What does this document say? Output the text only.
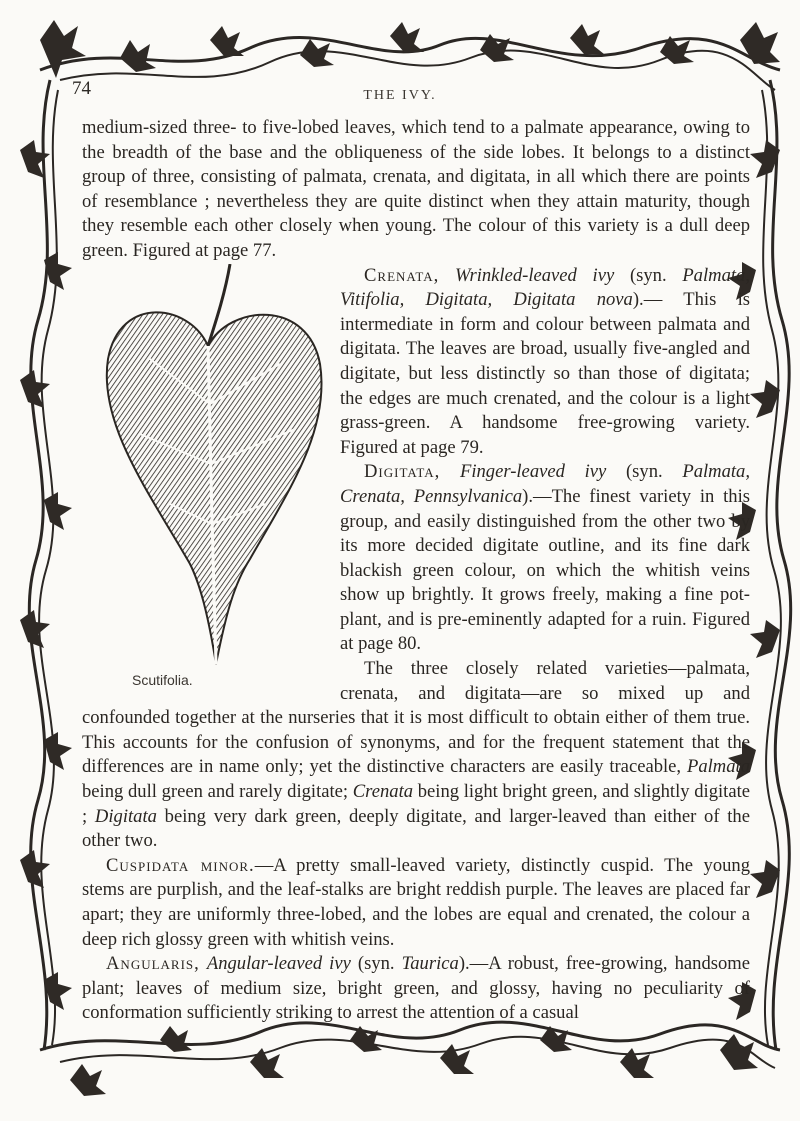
74	THE IVY.

medium-sized three- to five-lobed leaves, which tend to a palmate appearance, owing to the breadth of the base and the obliqueness of the side lobes. It belongs to a distinct group of three, consisting of palmata, crenata, and digitata, in all which there are points of resemblance ; nevertheless they are quite distinct when they attain maturity, though they resemble each other closely when young. The colour of this variety is a dull deep green. Figured at page 77.

Scutifolia.

Crenata, Wrinkled-leaved ivy (syn. Palmata, Vitifolia, Digitata, Digitata nova).— This is intermediate in form and colour between palmata and digitata. The leaves are broad, usually five-angled and digitate, but less distinctly so than those of digitata; the edges are much crenated, and the colour is a light grass-green. A handsome free-growing variety. Figured at page 79.

Digitata, Finger-leaved ivy (syn. Palmata, Crenata, Pennsylvanica).—The finest variety in this group, and easily distinguished from the other two by its more decided digitate outline, and its fine dark blackish green colour, on which the whitish veins show up brightly. It grows freely, making a fine pot-plant, and is pre-eminently adapted for a ruin. Figured at page 80.

The three closely related varieties—palmata, crenata, and digitata—are so mixed up and confounded together at the nurseries that it is most difficult to obtain either of them true. This accounts for the confusion of synonyms, and for the frequent statement that the differences are in name only; yet the distinctive characters are easily traceable, Palmata being dull green and rarely digitate; Crenata being light bright green, and slightly digitate ; Digitata being very dark green, deeply digitate, and larger-leaved than either of the other two.

Cuspidata minor.—A pretty small-leaved variety, distinctly cuspid. The young stems are purplish, and the leaf-stalks are bright reddish purple. The leaves are placed far apart; they are uniformly three-lobed, and the lobes are equal and crenated, the colour a deep rich glossy green with whitish veins.

Angularis, Angular-leaved ivy (syn. Taurica).—A robust, free-growing, handsome plant; leaves of medium size, bright green, and glossy, having no peculiarity of conformation sufficiently striking to arrest the attention of a casual
